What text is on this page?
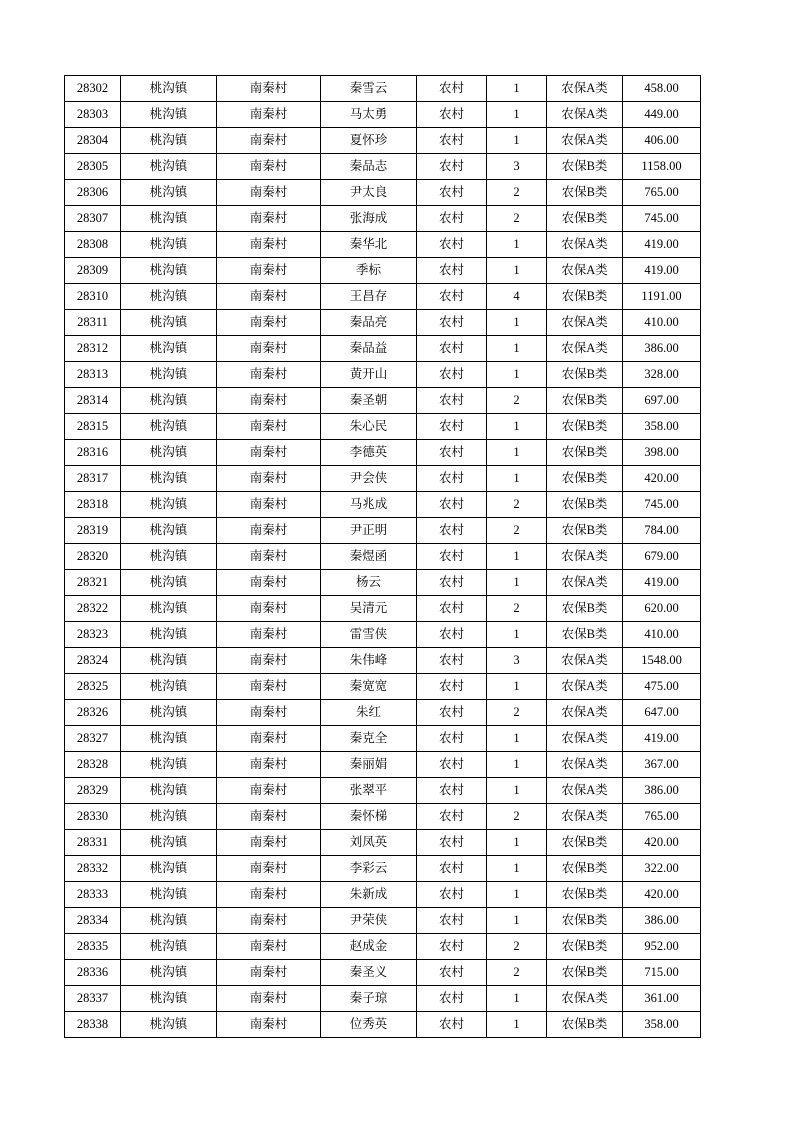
28302	桃沟镇	南秦村	秦雪云	农村	1	农保A类	458.00
28303	桃沟镇	南秦村	马太勇	农村	1	农保A类	449.00
28304	桃沟镇	南秦村	夏怀珍	农村	1	农保A类	406.00
28305	桃沟镇	南秦村	秦品志	农村	3	农保B类	1158.00
28306	桃沟镇	南秦村	尹太良	农村	2	农保B类	765.00
28307	桃沟镇	南秦村	张海成	农村	2	农保B类	745.00
28308	桃沟镇	南秦村	秦华北	农村	1	农保A类	419.00
28309	桃沟镇	南秦村	季标	农村	1	农保A类	419.00
28310	桃沟镇	南秦村	王昌存	农村	4	农保B类	1191.00
28311	桃沟镇	南秦村	秦品亮	农村	1	农保A类	410.00
28312	桃沟镇	南秦村	秦品益	农村	1	农保A类	386.00
28313	桃沟镇	南秦村	黄开山	农村	1	农保B类	328.00
28314	桃沟镇	南秦村	秦圣朝	农村	2	农保B类	697.00
28315	桃沟镇	南秦村	朱心民	农村	1	农保B类	358.00
28316	桃沟镇	南秦村	李德英	农村	1	农保B类	398.00
28317	桃沟镇	南秦村	尹会侠	农村	1	农保B类	420.00
28318	桃沟镇	南秦村	马兆成	农村	2	农保B类	745.00
28319	桃沟镇	南秦村	尹正明	农村	2	农保B类	784.00
28320	桃沟镇	南秦村	秦煜函	农村	1	农保A类	679.00
28321	桃沟镇	南秦村	杨云	农村	1	农保A类	419.00
28322	桃沟镇	南秦村	吴清元	农村	2	农保B类	620.00
28323	桃沟镇	南秦村	雷雪侠	农村	1	农保B类	410.00
28324	桃沟镇	南秦村	朱伟峰	农村	3	农保A类	1548.00
28325	桃沟镇	南秦村	秦宽宽	农村	1	农保A类	475.00
28326	桃沟镇	南秦村	朱红	农村	2	农保A类	647.00
28327	桃沟镇	南秦村	秦克全	农村	1	农保A类	419.00
28328	桃沟镇	南秦村	秦丽娟	农村	1	农保A类	367.00
28329	桃沟镇	南秦村	张翠平	农村	1	农保A类	386.00
28330	桃沟镇	南秦村	秦怀梯	农村	2	农保A类	765.00
28331	桃沟镇	南秦村	刘凤英	农村	1	农保B类	420.00
28332	桃沟镇	南秦村	李彩云	农村	1	农保B类	322.00
28333	桃沟镇	南秦村	朱新成	农村	1	农保B类	420.00
28334	桃沟镇	南秦村	尹荣侠	农村	1	农保B类	386.00
28335	桃沟镇	南秦村	赵成金	农村	2	农保B类	952.00
28336	桃沟镇	南秦村	秦圣义	农村	2	农保B类	715.00
28337	桃沟镇	南秦村	秦子琼	农村	1	农保A类	361.00
28338	桃沟镇	南秦村	位秀英	农村	1	农保B类	358.00
